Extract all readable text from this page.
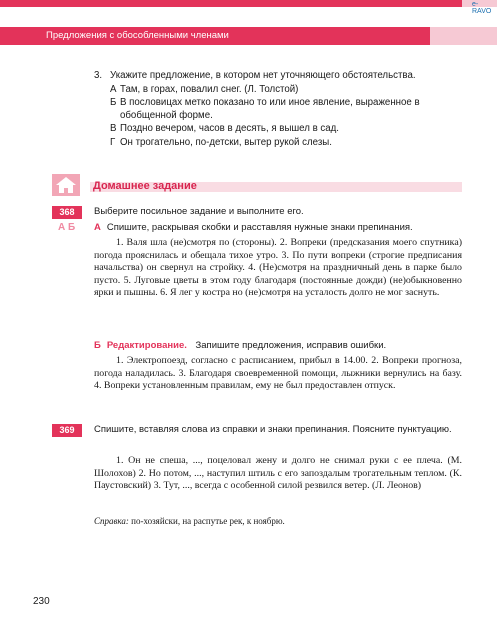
e-RAVO
Предложения с обособленными членами
3. Укажите предложение, в котором нет уточняющего обстоятельства.
А Там, в горах, повалил снег. (Л. Толстой)
Б В пословицах метко показано то или иное явление, выраженное в обобщенной форме.
В Поздно вечером, часов в десять, я вышел в сад.
Г Он трогательно, по-детски, вытер рукой слезы.
Домашнее задание
368	Выберите посильное задание и выполните его.
А Б А Спишите, раскрывая скобки и расставляя нужные знаки препинания.
1. Валя шла (не)смотря по (стороны). 2. Вопреки (предсказания моего спутника) погода прояснилась и обещала тихое утро. 3. По пути вопреки (строгие предписания начальства) он свернул на стройку. 4. (Не)смотря на праздничный день в парке было пусто. 5. Луговые цветы в этом году благодаря (постоянные дожди) (не)обыкновенно ярки и пышны. 6. Я лег у костра но (не)смотря на усталость долго не мог заснуть.
Б Редактирование. Запишите предложения, исправив ошибки.
1. Электропоезд, согласно с расписанием, прибыл в 14.00. 2. Вопреки прогноза, погода наладилась. 3. Благодаря своевременной помощи, лыжники вернулись на базу. 4. Вопреки установленным правилам, ему не был предоставлен отпуск.
369	Спишите, вставляя слова из справки и знаки препинания. Поясните пунктуацию.
1. Он не спеша, ..., поцеловал жену и долго не снимал руки с ее плеча. (М. Шолохов) 2. Но потом, ..., наступил штиль с его запоздалым трогательным теплом. (К. Паустовский) 3. Тут, ..., всегда с особенной силой резвился ветер. (Л. Леонов)
Справка: по-хозяйски, на распутье рек, к ноябрю.
230
